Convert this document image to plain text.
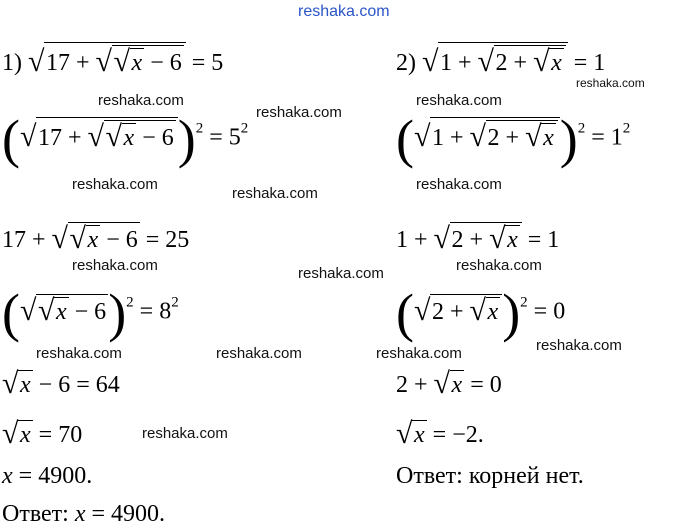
reshaka.com
reshaka.com
reshaka.com
reshaka.com
reshaka.com
reshaka.com
reshaka.com
reshaka.com
reshaka.com	reshaka.com	reshaka.com
reshaka.com	reshaka.com	reshaka.com	reshaka.com
reshaka.com
1) √ 17 + √ √ x − 6 = 5
( √ 17 + √ √ $x - 6)^2 = 5^2$
17 + √ √ x − 6 = 25
( √ √ $x - 6)^2 = 8^2$
√ x − 6 = 64
√ x = 70
x = 4900.
Ответ: x = 4900.
2) √ 1 + √ 2 + √ x = 1
( √ 1 + √ 2 + √ x )$^2 = 1^2$
1 + √ 2 + √ x = 1
( √ 2 + √ x)$^2$ = 0
2 + √ x = 0
√ x = −2.
Ответ: корней нет.
